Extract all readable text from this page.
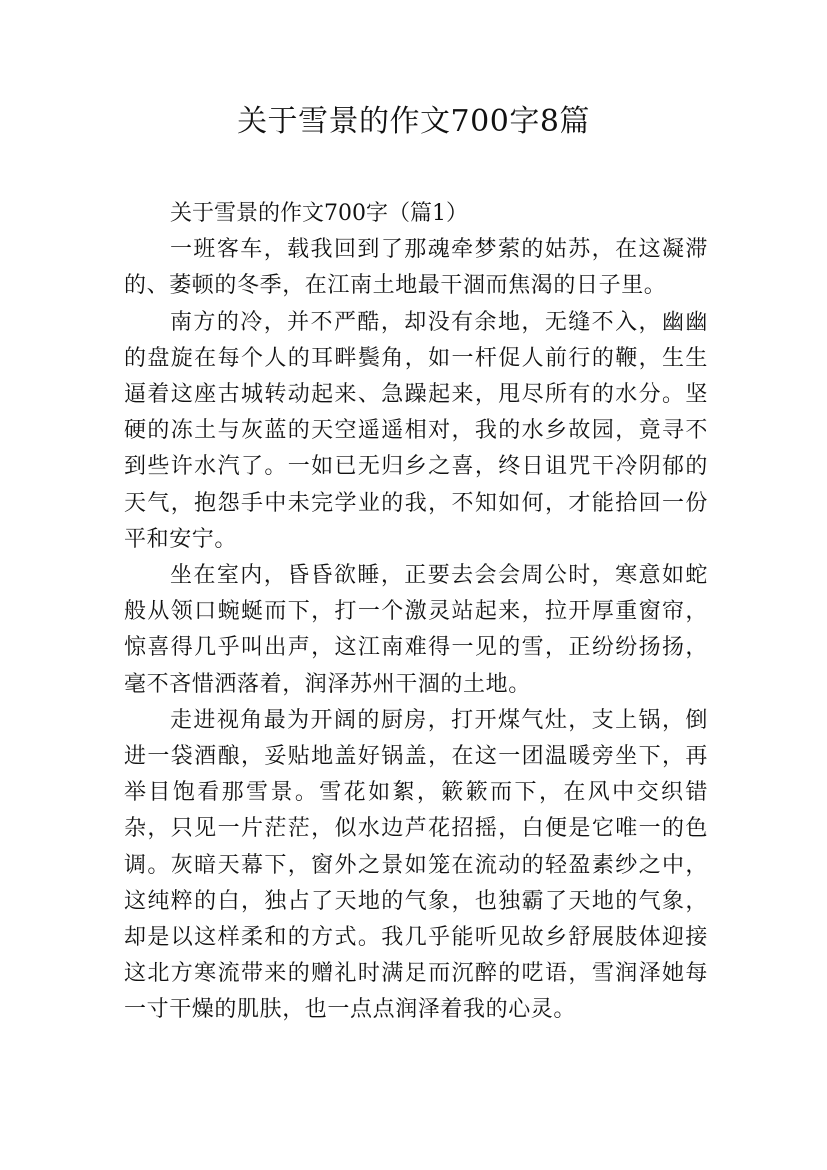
关于雪景的作文700字8篇

关于雪景的作文700字（篇1）

一班客车，载我回到了那魂牵梦萦的姑苏，在这凝滞的、萎顿的冬季，在江南土地最干涸而焦渴的日子里。

南方的冷，并不严酷，却没有余地，无缝不入，幽幽的盘旋在每个人的耳畔鬓角，如一杆促人前行的鞭，生生逼着这座古城转动起来、急躁起来，甩尽所有的水分。坚硬的冻土与灰蓝的天空遥遥相对，我的水乡故园，竟寻不到些许水汽了。一如已无归乡之喜，终日诅咒干冷阴郁的天气，抱怨手中未完学业的我，不知如何，才能拾回一份平和安宁。

坐在室内，昏昏欲睡，正要去会会周公时，寒意如蛇般从领口蜿蜒而下，打一个激灵站起来，拉开厚重窗帘，惊喜得几乎叫出声，这江南难得一见的雪，正纷纷扬扬，毫不吝惜洒落着，润泽苏州干涸的土地。

走进视角最为开阔的厨房，打开煤气灶，支上锅，倒进一袋酒酿，妥贴地盖好锅盖，在这一团温暖旁坐下，再举目饱看那雪景。雪花如絮，簌簌而下，在风中交织错杂，只见一片茫茫，似水边芦花招摇，白便是它唯一的色调。灰暗天幕下，窗外之景如笼在流动的轻盈素纱之中，这纯粹的白，独占了天地的气象，也独霸了天地的气象，却是以这样柔和的方式。我几乎能听见故乡舒展肢体迎接这北方寒流带来的赠礼时满足而沉醉的呓语，雪润泽她每一寸干燥的肌肤，也一点点润泽着我的心灵。
